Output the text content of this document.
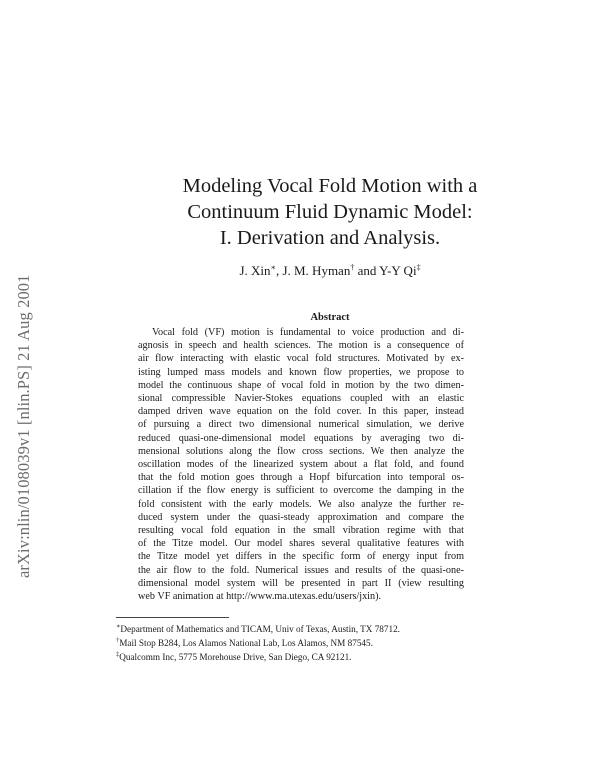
arXiv:nlin/0108039v1 [nlin.PS] 21 Aug 2001
Modeling Vocal Fold Motion with a
Continuum Fluid Dynamic Model:
I. Derivation and Analysis.
J. Xin∗, J. M. Hyman† and Y-Y Qi‡
Abstract
Vocal fold (VF) motion is fundamental to voice production and di-
agnosis in speech and health sciences. The motion is a consequence of
air flow interacting with elastic vocal fold structures. Motivated by ex-
isting lumped mass models and known flow properties, we propose to
model the continuous shape of vocal fold in motion by the two dimen-
sional compressible Navier-Stokes equations coupled with an elastic
damped driven wave equation on the fold cover. In this paper, instead
of pursuing a direct two dimensional numerical simulation, we derive
reduced quasi-one-dimensional model equations by averaging two di-
mensional solutions along the flow cross sections. We then analyze the
oscillation modes of the linearized system about a flat fold, and found
that the fold motion goes through a Hopf bifurcation into temporal os-
cillation if the flow energy is sufficient to overcome the damping in the
fold consistent with the early models. We also analyze the further re-
duced system under the quasi-steady approximation and compare the
resulting vocal fold equation in the small vibration regime with that
of the Titze model. Our model shares several qualitative features with
the Titze model yet differs in the specific form of energy input from
the air flow to the fold. Numerical issues and results of the quasi-one-
dimensional model system will be presented in part II (view resulting
web VF animation at http://www.ma.utexas.edu/users/jxin).
∗Department of Mathematics and TICAM, Univ of Texas, Austin, TX 78712.
†Mail Stop B284, Los Alamos National Lab, Los Alamos, NM 87545.
‡Qualcomm Inc, 5775 Morehouse Drive, San Diego, CA 92121.
